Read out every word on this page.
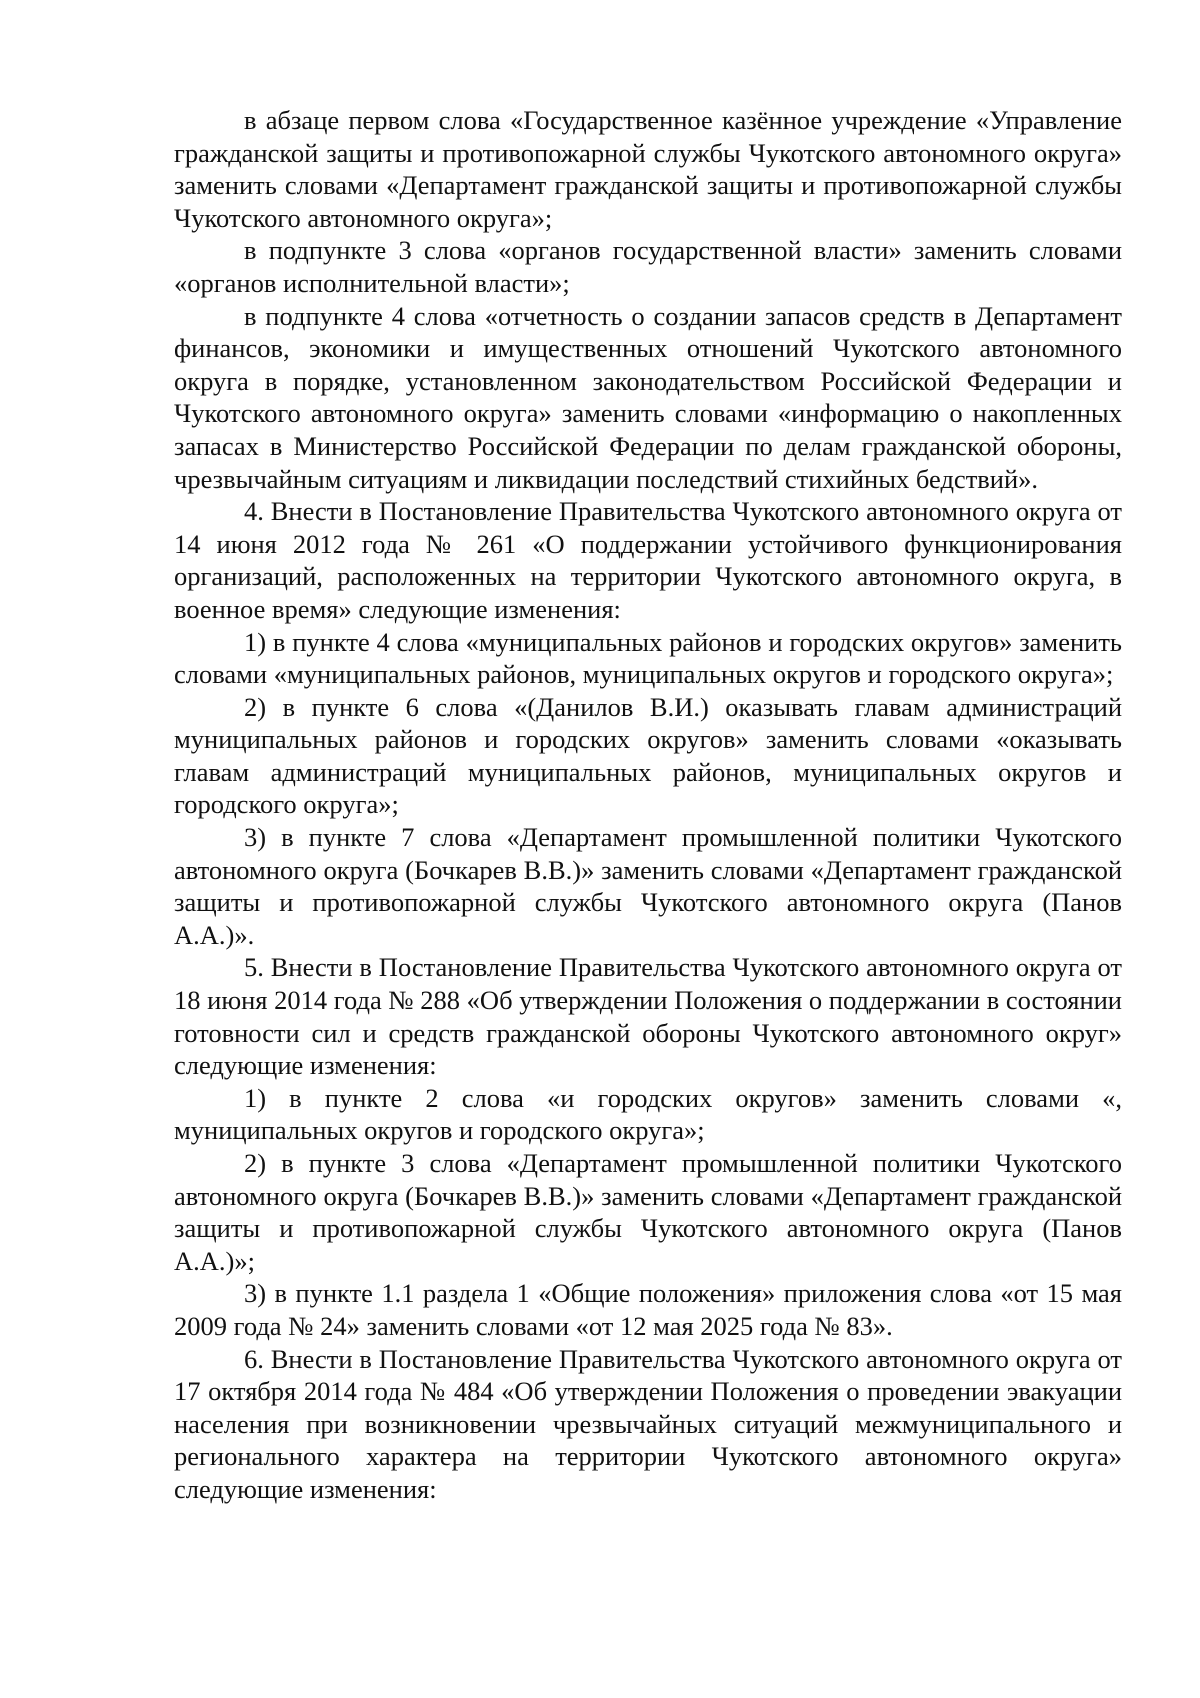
в абзаце первом слова «Государственное казённое учреждение «Управление гражданской защиты и противопожарной службы Чукотского автономного округа» заменить словами «Департамент гражданской защиты и противопожарной службы Чукотского автономного округа»;

в подпункте 3 слова «органов государственной власти» заменить словами «органов исполнительной власти»;

в подпункте 4 слова «отчетность о создании запасов средств в Департамент финансов, экономики и имущественных отношений Чукотского автономного округа в порядке, установленном законодательством Российской Федерации и Чукотского автономного округа» заменить словами «информацию о накопленных запасах в Министерство Российской Федерации по делам гражданской обороны, чрезвычайным ситуациям и ликвидации последствий стихийных бедствий».

4. Внести в Постановление Правительства Чукотского автономного округа от 14 июня 2012 года № 261 «О поддержании устойчивого функционирования организаций, расположенных на территории Чукотского автономного округа, в военное время» следующие изменения:

1) в пункте 4 слова «муниципальных районов и городских округов» заменить словами «муниципальных районов, муниципальных округов и городского округа»;

2) в пункте 6 слова «(Данилов В.И.) оказывать главам администраций муниципальных районов и городских округов» заменить словами «оказывать главам администраций муниципальных районов, муниципальных округов и городского округа»;

3) в пункте 7 слова «Департамент промышленной политики Чукотского автономного округа (Бочкарев В.В.)» заменить словами «Департамент гражданской защиты и противопожарной службы Чукотского автономного округа (Панов А.А.)».

5. Внести в Постановление Правительства Чукотского автономного округа от 18 июня 2014 года № 288 «Об утверждении Положения о поддержании в состоянии готовности сил и средств гражданской обороны Чукотского автономного округ» следующие изменения:

1) в пункте 2 слова «и городских округов» заменить словами «, муниципальных округов и городского округа»;

2) в пункте 3 слова «Департамент промышленной политики Чукотского автономного округа (Бочкарев В.В.)» заменить словами «Департамент гражданской защиты и противопожарной службы Чукотского автономного округа (Панов А.А.)»;

3) в пункте 1.1 раздела 1 «Общие положения» приложения слова «от 15 мая 2009 года № 24» заменить словами «от 12 мая 2025 года № 83».

6. Внести в Постановление Правительства Чукотского автономного округа от 17 октября 2014 года № 484 «Об утверждении Положения о проведении эвакуации населения при возникновении чрезвычайных ситуаций межмуниципального и регионального характера на территории Чукотского автономного округа» следующие изменения:
